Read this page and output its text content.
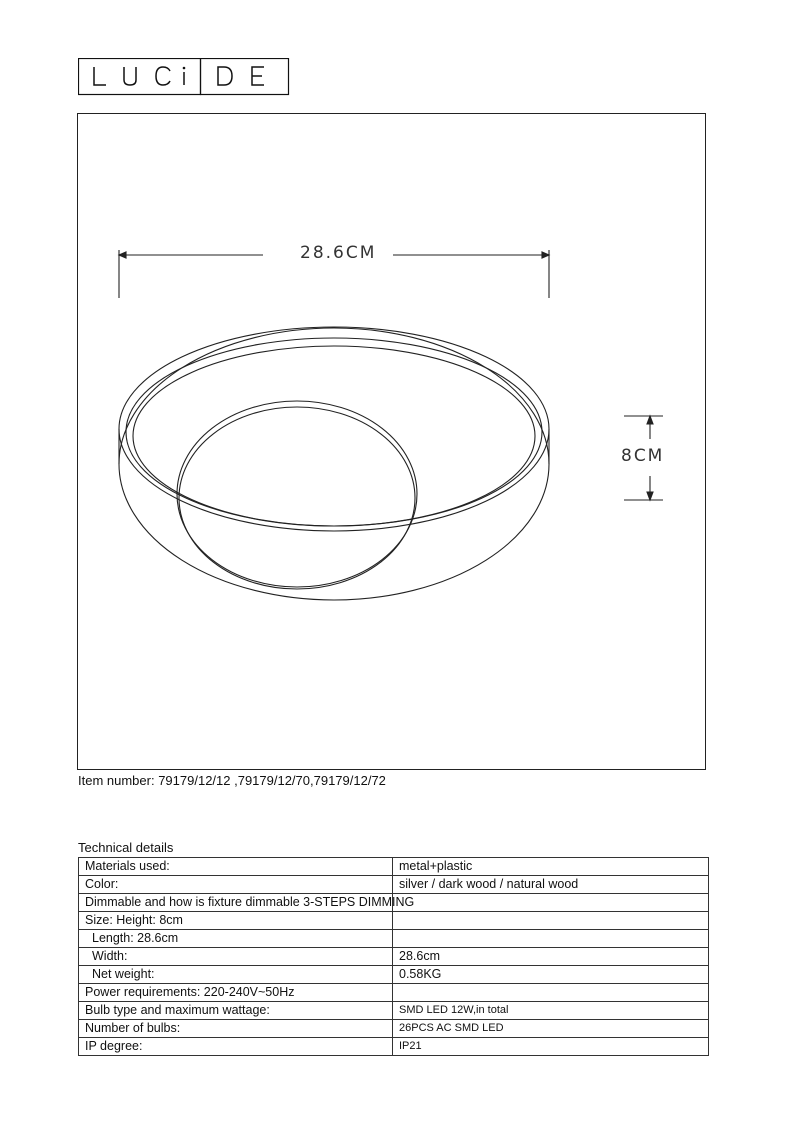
28.6CM
8CM
Item number: 79179/12/12 ,79179/12/70,79179/12/72
Technical details
Materials used:	metal+plastic
Color:	silver / dark wood / natural wood
Dimmable and how is fixture dimmable 3-STEPS DIMMING	
Size: Height: 8cm	
Length: 28.6cm	
Width:	28.6cm
Net weight:	0.58KG
Power requirements: 220-240V~50Hz	
Bulb type and maximum wattage:	SMD LED 12W,in total
Number of bulbs:	26PCS AC SMD LED
IP degree:	IP21
